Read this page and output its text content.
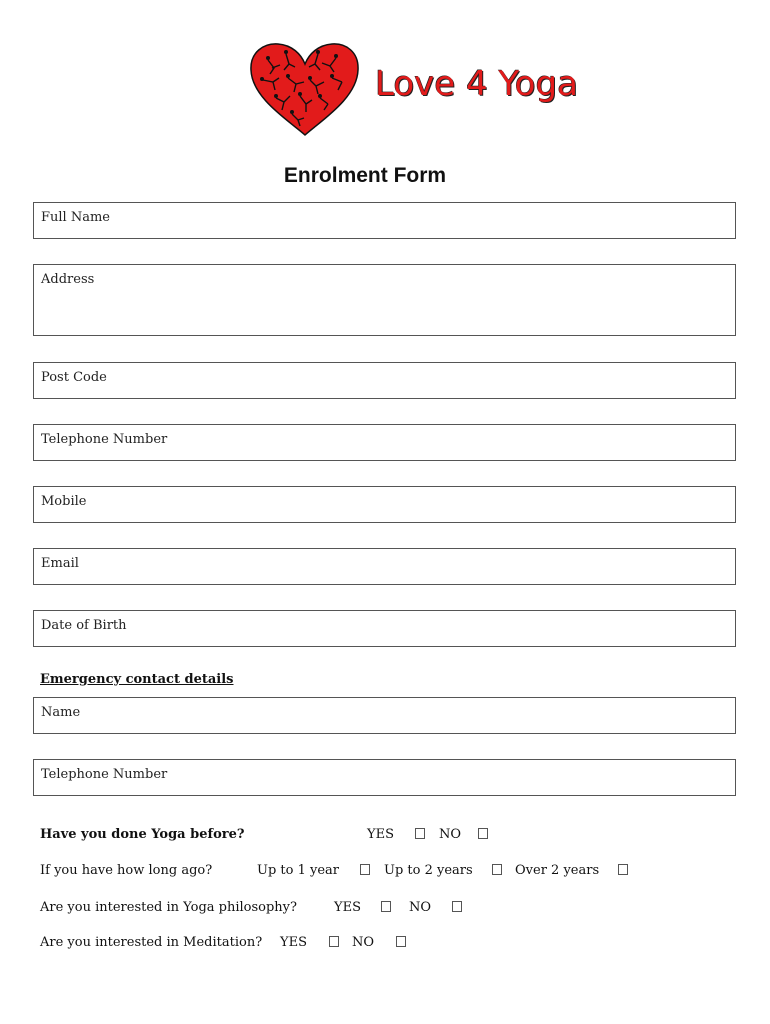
Love 4 Yoga
Enrolment Form
Full Name
Address
Post Code
Telephone Number
Mobile
Email
Date of Birth
Emergency contact details
Name
Telephone Number
Have you done Yoga before?	YES	NO
If you have how long ago?	Up to 1 year	Up to 2 years	Over 2 years
Are you interested in Yoga philosophy?	YES	NO
Are you interested in Meditation? YES	NO
